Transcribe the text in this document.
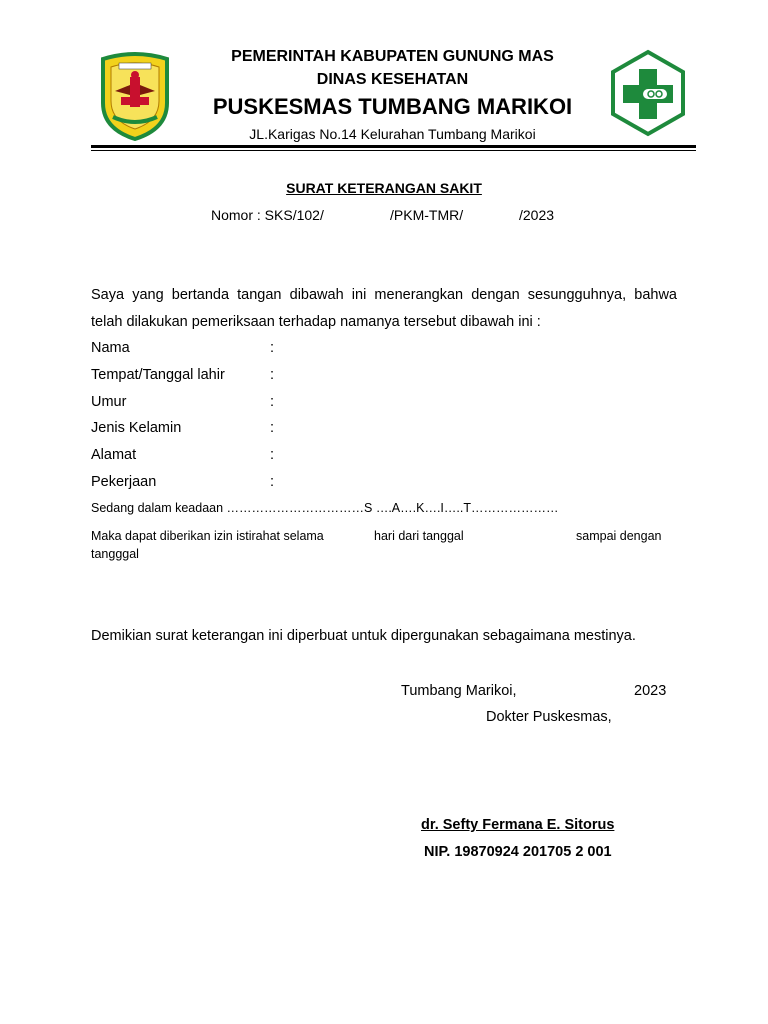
PEMERINTAH KABUPATEN GUNUNG MAS
DINAS KESEHATAN
PUSKESMAS TUMBANG MARIKOI
JL.Karigas No.14 Kelurahan Tumbang Marikoi
SURAT KETERANGAN SAKIT
Nomor : SKS/102/	/PKM-TMR/	/2023
Saya yang bertanda tangan dibawah ini menerangkan dengan sesungguhnya, bahwa
telah dilakukan pemeriksaan terhadap namanya tersebut dibawah ini :
Nama	:
Tempat/Tanggal lahir	:
Umur	:
Jenis Kelamin	:
Alamat	:
Pekerjaan	:
Sedang dalam keadaan ……………………………S ….A….K….I…..T…………………
Maka dapat diberikan izin istirahat selama	hari dari tanggal	sampai dengan
tangggal
Demikian surat keterangan ini diperbuat untuk dipergunakan sebagaimana mestinya.
Tumbang Marikoi,	2023
Dokter Puskesmas,
dr. Sefty Fermana E. Sitorus
NIP. 19870924 201705 2 001
